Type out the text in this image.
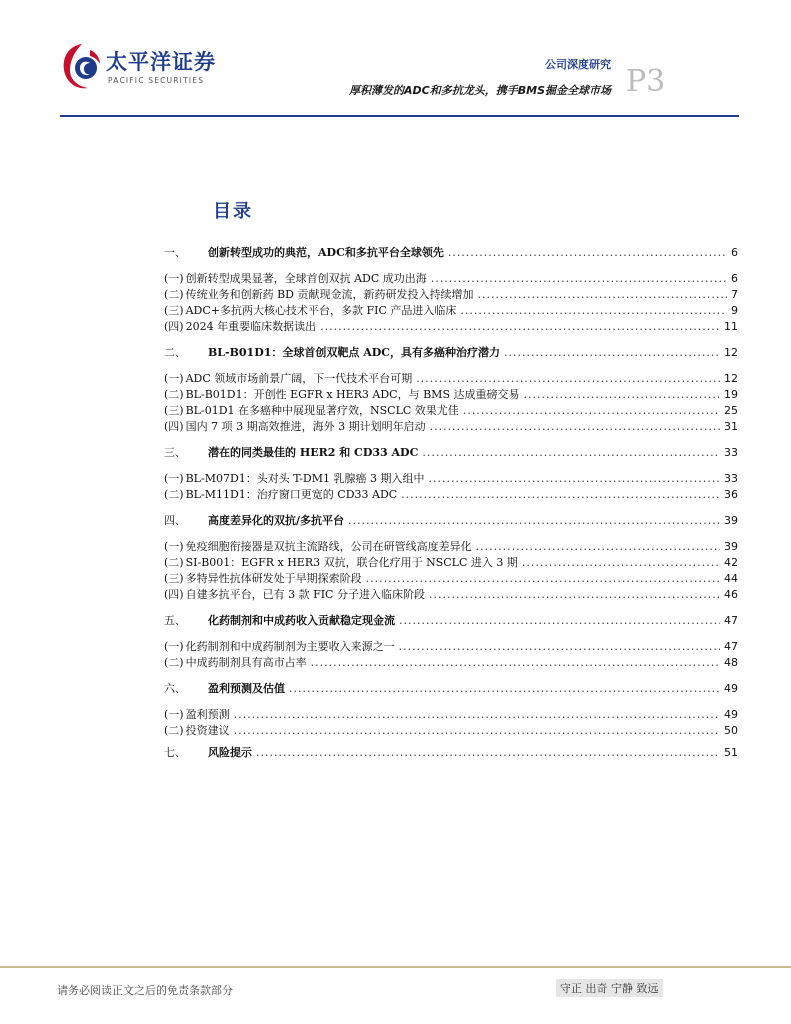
太平洋证券
PACIFIC SECURITIES
公司深度研究
厚积薄发的ADC和多抗龙头，携手BMS掘金全球市场 P3
目录
一、	创新转型成功的典范，ADC和多抗平台全球领先 .....	6
(一) 创新转型成果显著，全球首创双抗 ADC 成功出海 .....	6
(二) 传统业务和创新药 BD 贡献现金流，新药研发投入持续增加 .....	7
(三) ADC+多抗两大核心技术平台，多款 FIC 产品进入临床 .....	9
(四) 2024 年重要临床数据读出 .....	11
二、	BL-B01D1：全球首创双靶点 ADC，具有多癌种治疗潜力 .....	12
(一) ADC 领域市场前景广阔，下一代技术平台可期 .....	12
(二) BL-B01D1：开创性 EGFR x HER3 ADC，与 BMS 达成重磅交易 .....	19
(三) BL-01D1 在多癌种中展现显著疗效，NSCLC 效果尤佳 .....	25
(四) 国内 7 项 3 期高效推进，海外 3 期计划明年启动 .....	31
三、	潜在的同类最佳的 HER2 和 CD33 ADC .....	33
(一) BL-M07D1：头对头 T-DM1 乳腺癌 3 期入组中 .....	33
(二) BL-M11D1：治疗窗口更宽的 CD33 ADC .....	36
四、	高度差异化的双抗/多抗平台 .....	39
(一) 免疫细胞衔接器是双抗主流路线，公司在研管线高度差异化 .....	39
(二) SI-B001：EGFR x HER3 双抗，联合化疗用于 NSCLC 进入 3 期 .....	42
(三) 多特异性抗体研发处于早期探索阶段 .....	44
(四) 自建多抗平台，已有 3 款 FIC 分子进入临床阶段 .....	46
五、	化药制剂和中成药收入贡献稳定现金流 .....	47
(一) 化药制剂和中成药制剂为主要收入来源之一 .....	47
(二) 中成药制剂具有高市占率 .....	48
六、	盈利预测及估值 .....	49
(一) 盈利预测 .....	49
(二) 投资建议 .....	50
七、	风险提示 .....	51
请务必阅读正文之后的免责条款部分	守正 出奇 宁静 致远
